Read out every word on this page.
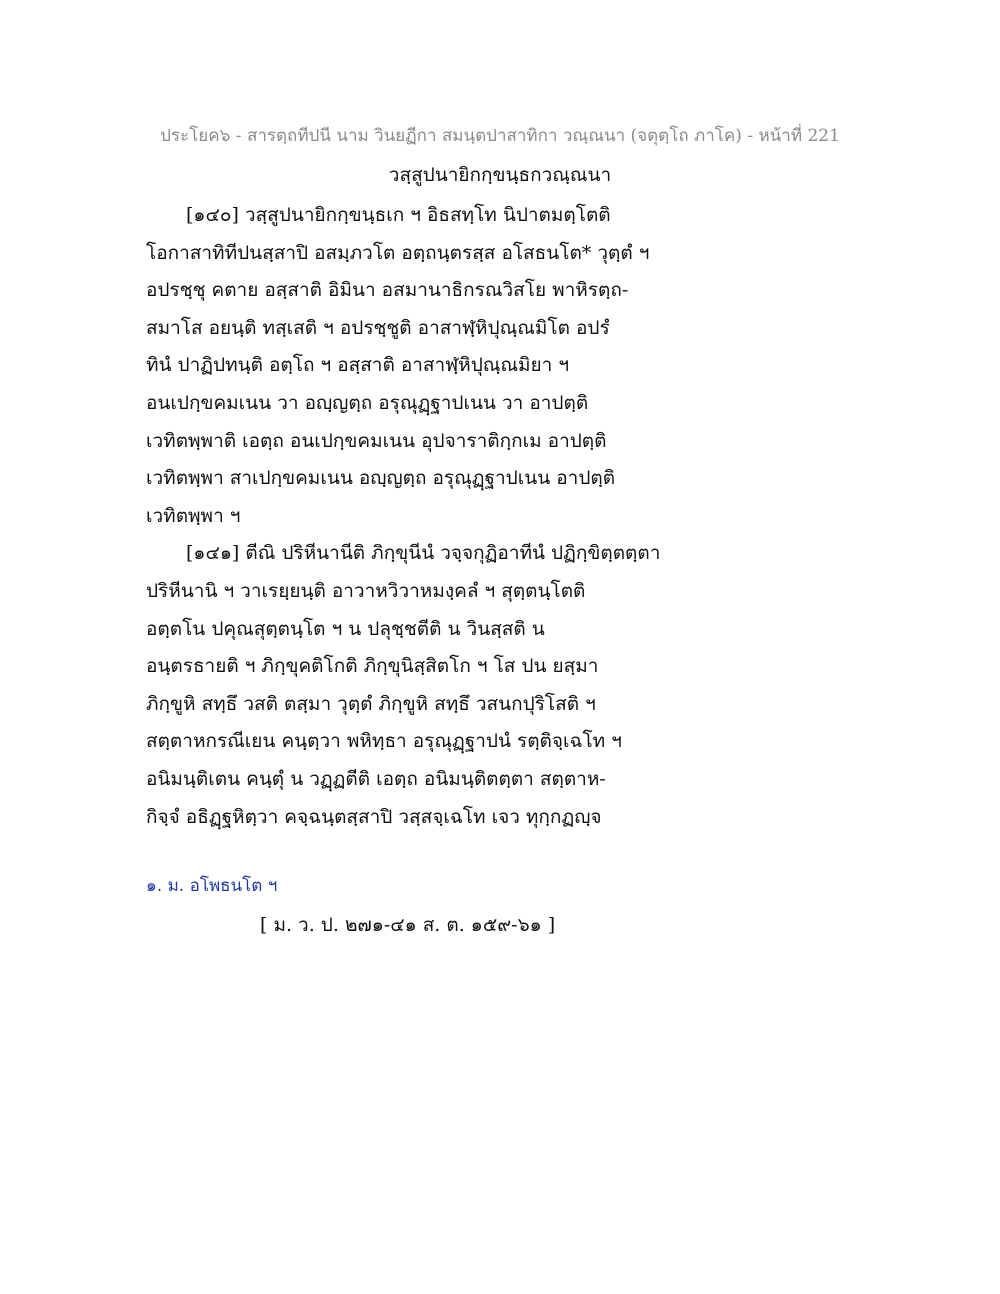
ประโยค๖ - สารตฺถทีปนี นาม วินยฏีกา สมนฺตปาสาทิกา วณฺณนา (จตุตฺโถ ภาโค) - หน้าที่ 221
วสฺสูปนายิกกฺขนฺธกวณฺณนา
[๑๔๐] วสฺสูปนายิกกฺขนฺธเก ฯ อิธสทฺโท นิปาตมตฺโตติ
โอกาสาทิทีปนสฺสาปิ อสมฺภวโต อตฺถนฺตรสฺส อโสธนโต* วุตฺตํ ฯ
อปรชฺชุ คตาย อสฺสาติ อิมินา อสมานาธิกรณวิสโย พาหิรตฺถ-
สมาโส อยนฺติ ทสฺเสติ ฯ อปรชฺชูติ อาสาฬฺหิปุณฺณมิโต อปรํ
ทินํ ปาฏิปทนฺติ อตฺโถ ฯ อสฺสาติ อาสาฬฺหิปุณฺณมิยา ฯ
อนเปกฺขคมเนน วา อญฺญตฺถ อรุณุฏฺฐาปเนน วา อาปตฺติ
เวทิตพฺพาติ เอตฺถ อนเปกฺขคมเนน อุปจาราติกฺกเม อาปตฺติ
เวทิตพฺพา สาเปกฺขคมเนน อญฺญตฺถ อรุณุฏฺฐาปเนน อาปตฺติ
เวทิตพฺพา ฯ
[๑๔๑] ตีณิ ปริหีนานีติ ภิกฺขุนีนํ วจฺจกุฏิอาทีนํ ปฏิกฺขิตฺตตฺตา
ปริหีนานิ ฯ วาเรยฺยนฺติ อาวาหวิวาหมงฺคลํ ฯ สุตฺตนฺโตติ
อตฺตโน ปคุณสุตฺตนฺโต ฯ น ปลุชฺชตีติ น วินสฺสติ น
อนฺตรธายติ ฯ ภิกฺขุคติโกติ ภิกฺขุนิสฺสิตโก ฯ โส ปน ยสฺมา
ภิกฺขูหิ สทฺธึ วสติ ตสฺมา วุตฺตํ ภิกฺขูหิ สทฺธึ วสนกปุริโสติ ฯ
สตฺตาหกรณีเยน คนฺตฺวา พหิทฺธา อรุณุฏฺฐาปนํ รตฺติจฺเฉโท ฯ
อนิมนฺติเตน คนฺตุํ น วฏฺฏตีติ เอตฺถ อนิมนฺติตตฺตา สตฺตาห-
กิจฺจํ อธิฏฺฐหิตฺวา คจฺฉนฺตสฺสาปิ วสฺสจฺเฉโท เจว ทุกฺกฏญฺจ
๑. ม. อโพธนโต ฯ
[ ม. ว. ป. ๒๗๑-๔๑ ส. ต. ๑๕๙-๖๑ ]
